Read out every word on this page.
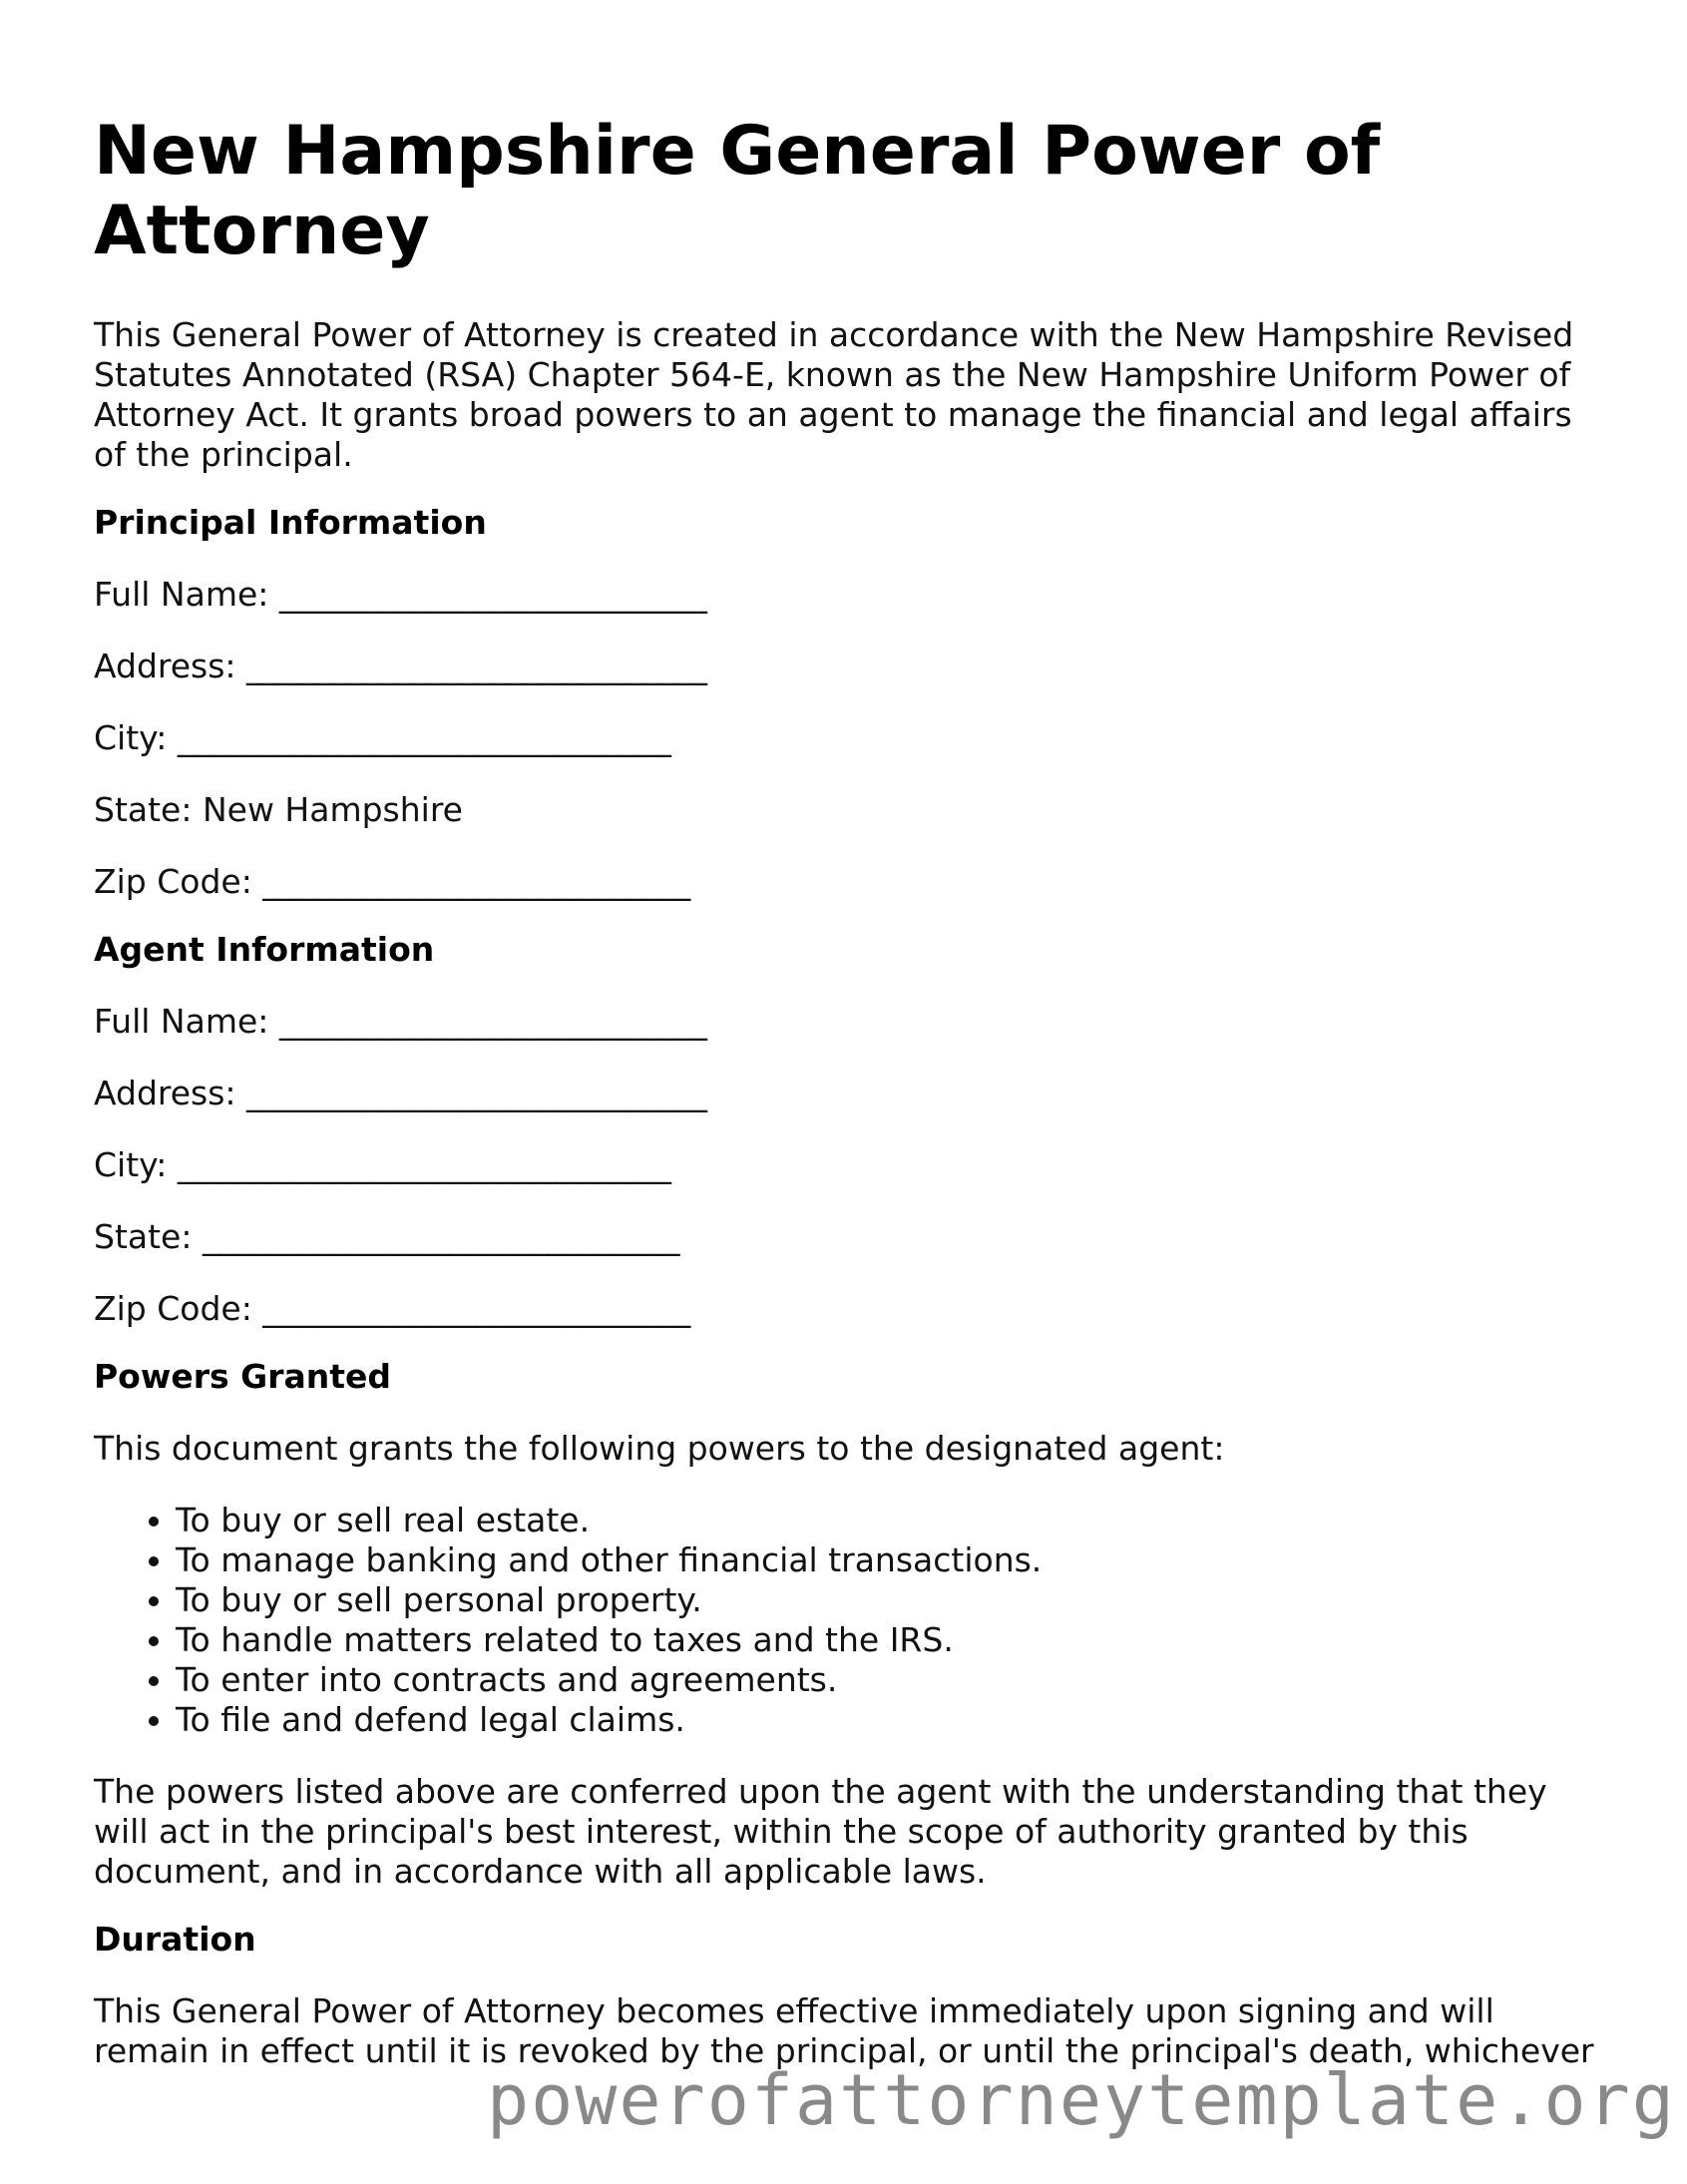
New Hampshire General Power of Attorney

This General Power of Attorney is created in accordance with the New Hampshire Revised Statutes Annotated (RSA) Chapter 564-E, known as the New Hampshire Uniform Power of Attorney Act. It grants broad powers to an agent to manage the financial and legal affairs of the principal.

Principal Information

Full Name: __________________________

Address: ____________________________

City: ______________________________

State: New Hampshire

Zip Code: __________________________

Agent Information

Full Name: __________________________

Address: ____________________________

City: ______________________________

State: _____________________________

Zip Code: __________________________

Powers Granted

This document grants the following powers to the designated agent:

• To buy or sell real estate.
• To manage banking and other financial transactions.
• To buy or sell personal property.
• To handle matters related to taxes and the IRS.
• To enter into contracts and agreements.
• To file and defend legal claims.

The powers listed above are conferred upon the agent with the understanding that they will act in the principal's best interest, within the scope of authority granted by this document, and in accordance with all applicable laws.

Duration

This General Power of Attorney becomes effective immediately upon signing and will remain in effect until it is revoked by the principal, or until the principal's death, whichever

powerofattorneytemplate.org
